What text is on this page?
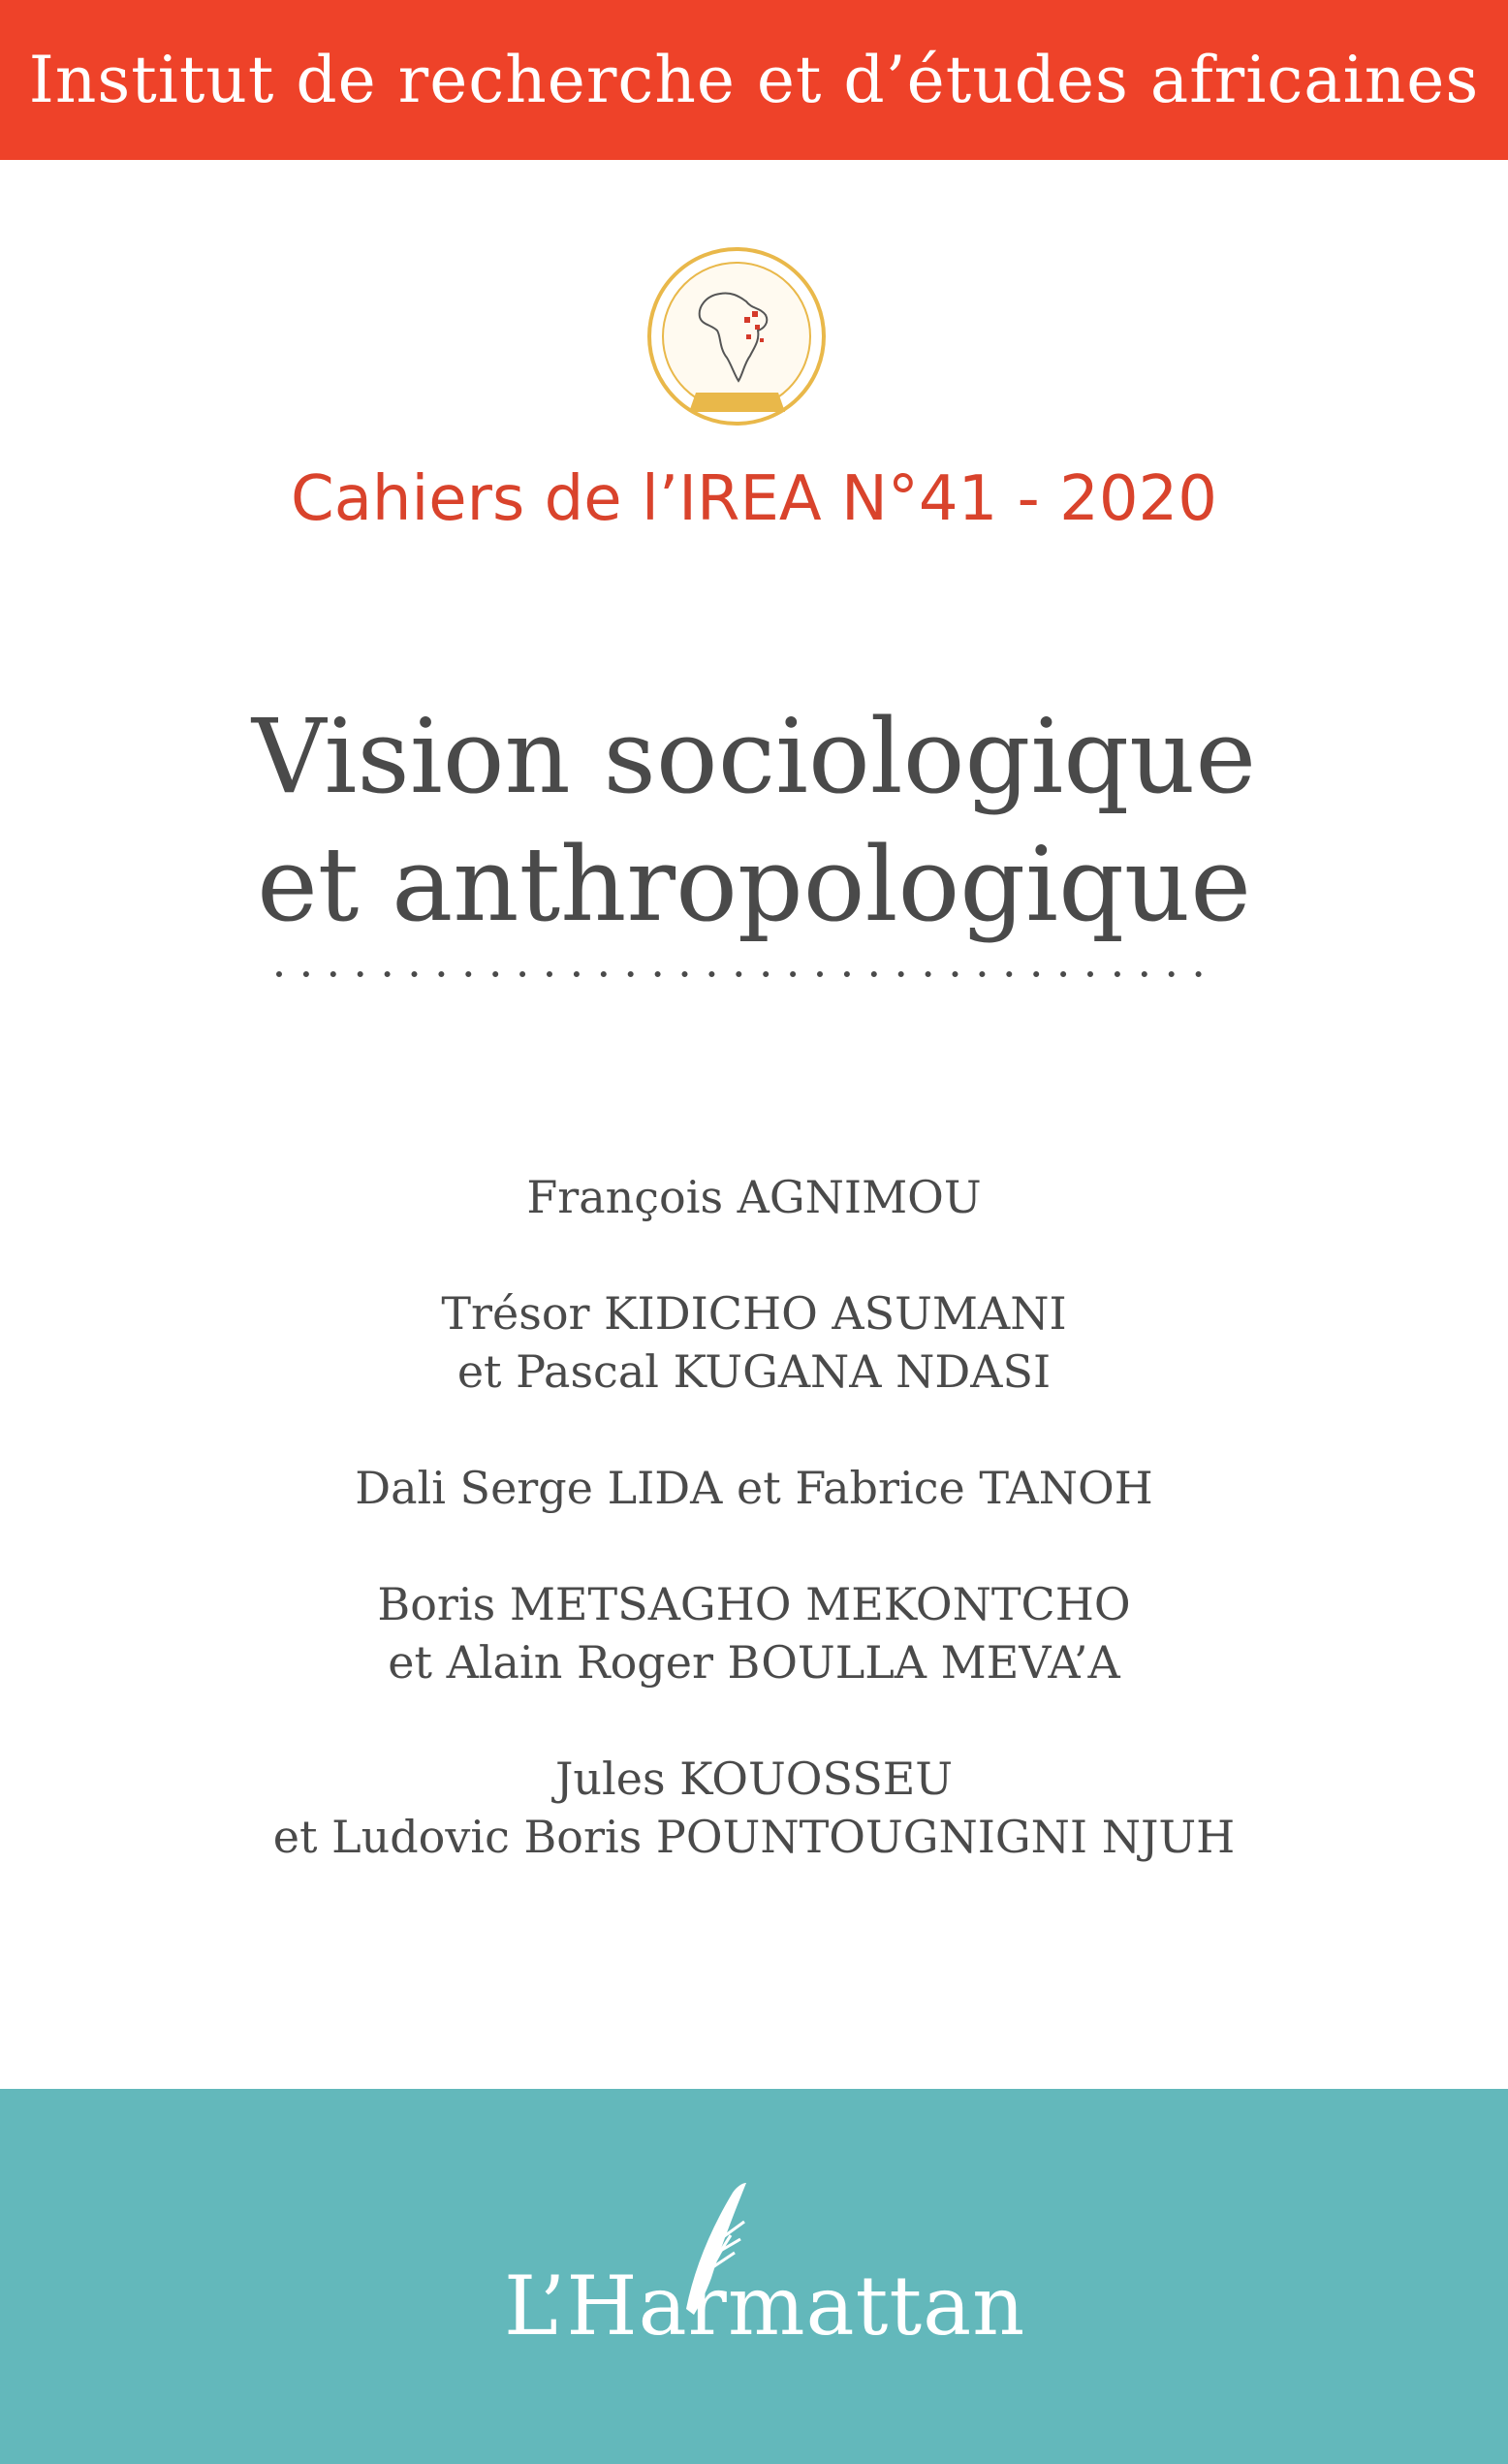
Institut de recherche et d’études africaines
Cahiers de l’IREA N°41 - 2020
Vision sociologique
et anthropologique
François AGNIMOU
Trésor KIDICHO ASUMANI
et Pascal KUGANA NDASI
Dali Serge LIDA et Fabrice TANOH
Boris METSAGHO MEKONTCHO
et Alain Roger BOULLA MEVA’A
Jules KOUOSSEU
et Ludovic Boris POUNTOUGNIGNI NJUH
L’Harmattan
